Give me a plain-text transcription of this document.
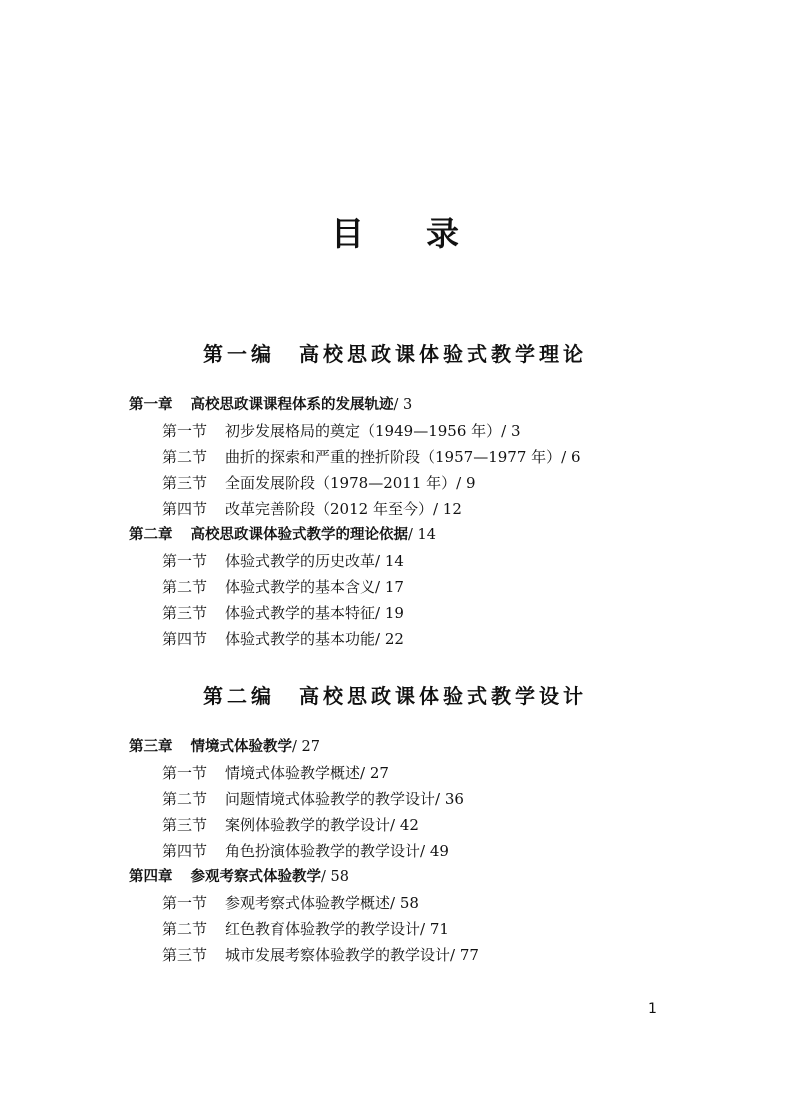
目录
第一编　高校思政课体验式教学理论
第一章 高校思政课课程体系的发展轨迹/ 3
第一节 初步发展格局的奠定（1949—1956 年）/ 3
第二节 曲折的探索和严重的挫折阶段（1957—1977 年）/ 6
第三节 全面发展阶段（1978—2011 年）/ 9
第四节 改革完善阶段（2012 年至今）/ 12
第二章 高校思政课体验式教学的理论依据/ 14
第一节 体验式教学的历史改革/ 14
第二节 体验式教学的基本含义/ 17
第三节 体验式教学的基本特征/ 19
第四节 体验式教学的基本功能/ 22
第二编　高校思政课体验式教学设计
第三章 情境式体验教学/ 27
第一节 情境式体验教学概述/ 27
第二节 问题情境式体验教学的教学设计/ 36
第三节 案例体验教学的教学设计/ 42
第四节 角色扮演体验教学的教学设计/ 49
第四章 参观考察式体验教学/ 58
第一节 参观考察式体验教学概述/ 58
第二节 红色教育体验教学的教学设计/ 71
第三节 城市发展考察体验教学的教学设计/ 77
1
